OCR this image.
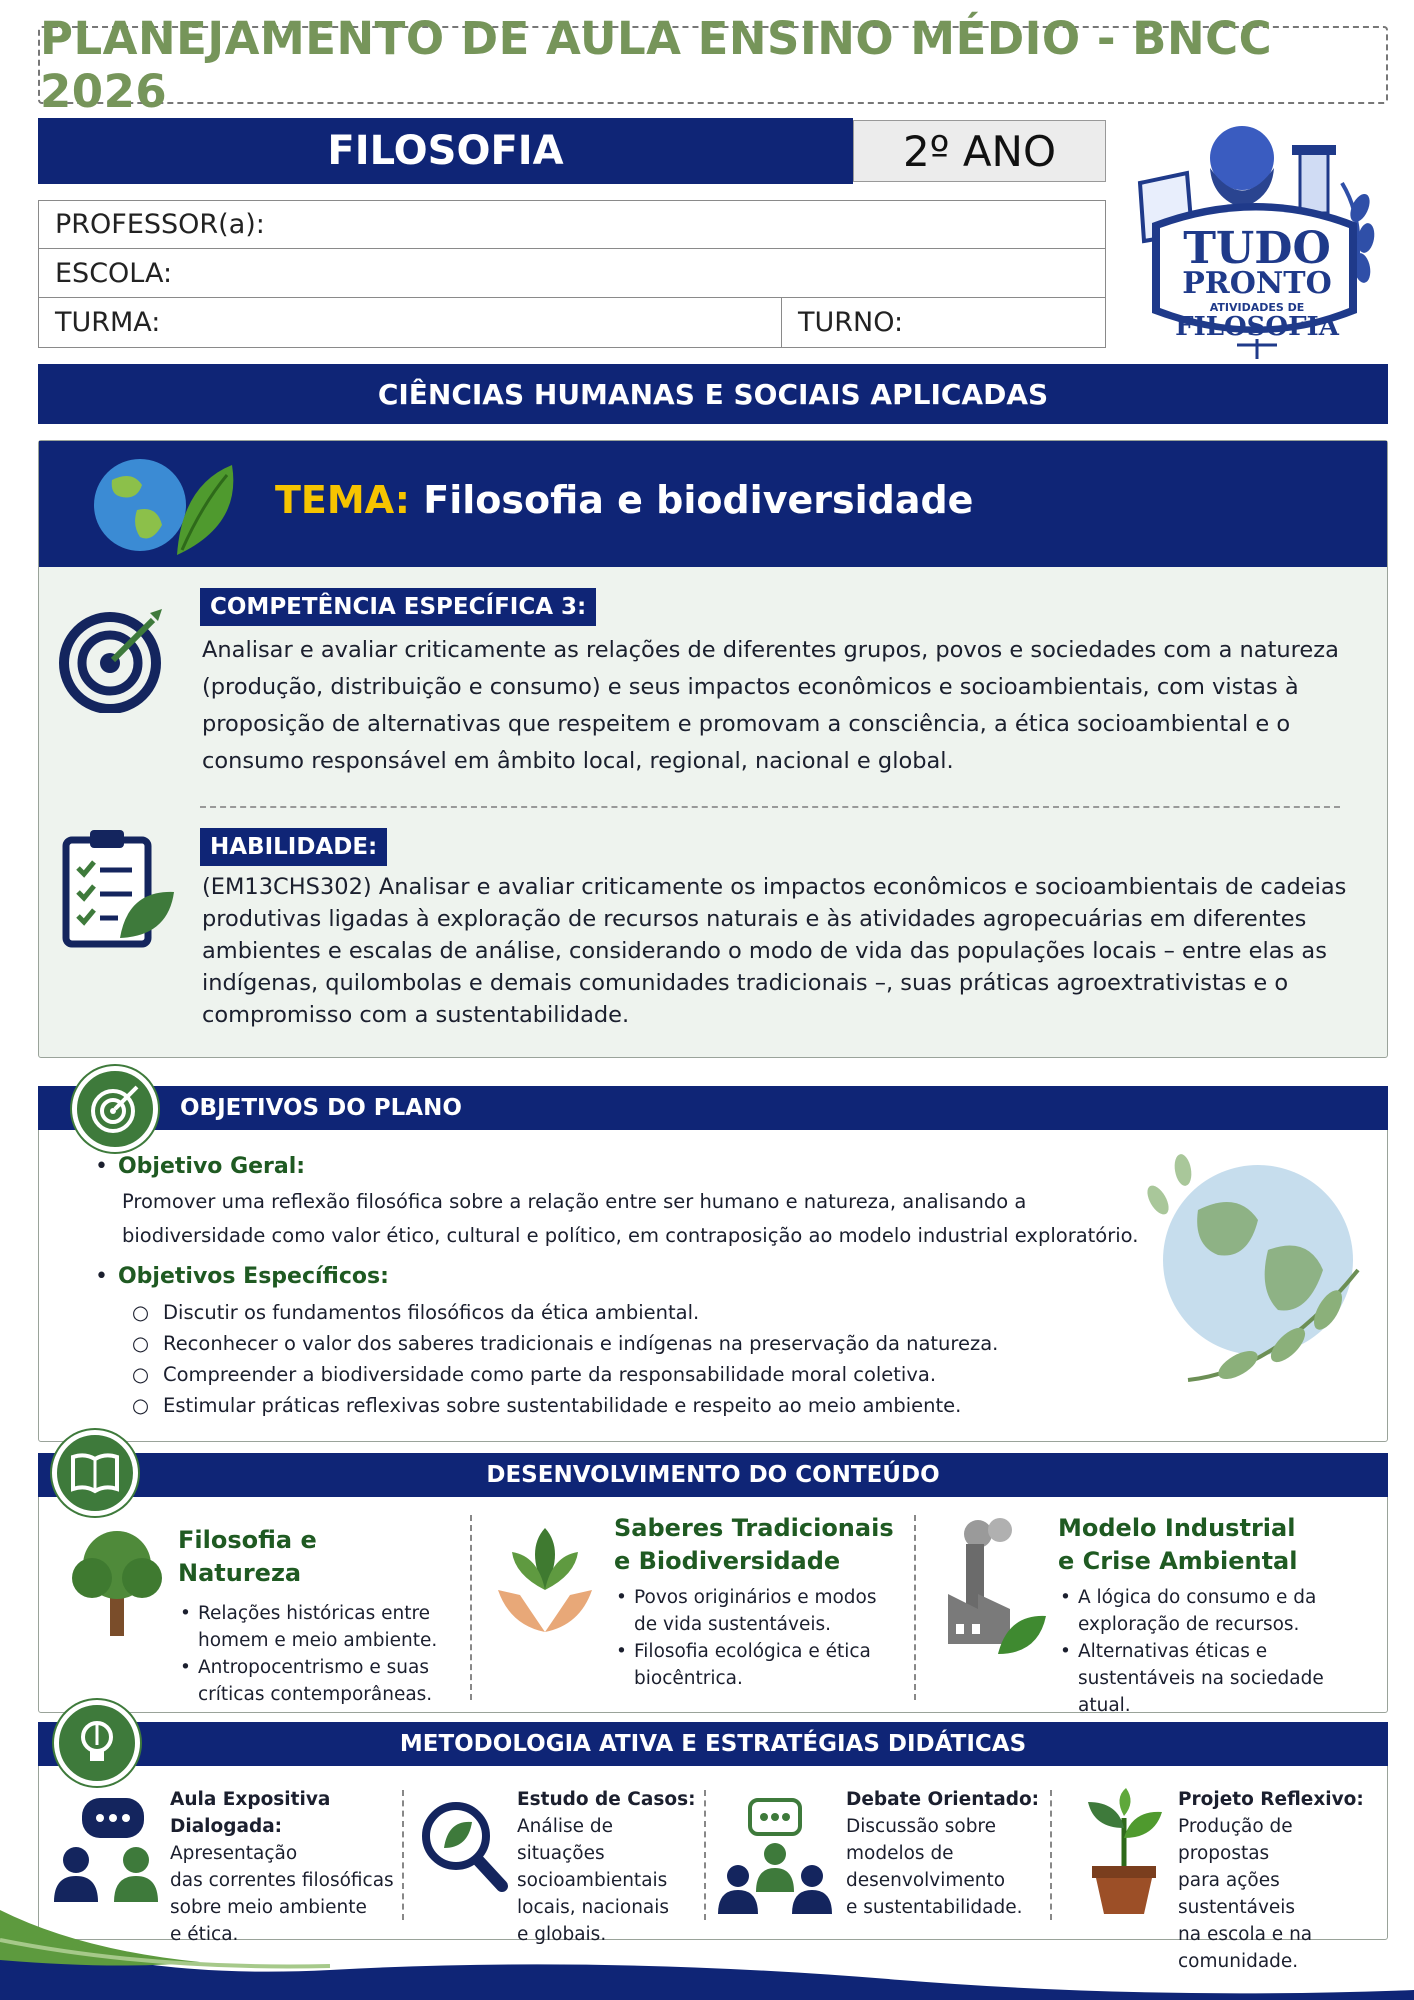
PLANEJAMENTO DE AULA ENSINO MÉDIO - BNCC 2026
FILOSOFIA	2º ANO
PROFESSOR(a):
ESCOLA:
TURMA:	TURNO:
TUDO
PRONTO
ATIVIDADES DE
FILOSOFIA
CIÊNCIAS HUMANAS E SOCIAIS APLICADAS
TEMA: Filosofia e biodiversidade
COMPETÊNCIA ESPECÍFICA 3:
Analisar e avaliar criticamente as relações de diferentes grupos, povos e sociedades com a natureza
(produção, distribuição e consumo) e seus impactos econômicos e socioambientais, com vistas à
proposição de alternativas que respeitem e promovam a consciência, a ética socioambiental e o
consumo responsável em âmbito local, regional, nacional e global.
HABILIDADE:
(EM13CHS302) Analisar e avaliar criticamente os impactos econômicos e socioambientais de cadeias
produtivas ligadas à exploração de recursos naturais e às atividades agropecuárias em diferentes
ambientes e escalas de análise, considerando o modo de vida das populações locais – entre elas as
indígenas, quilombolas e demais comunidades tradicionais –, suas práticas agroextrativistas e o
compromisso com a sustentabilidade.
OBJETIVOS DO PLANO
• Objetivo Geral:
Promover uma reflexão filosófica sobre a relação entre ser humano e natureza, analisando a
biodiversidade como valor ético, cultural e político, em contraposição ao modelo industrial exploratório.
• Objetivos Específicos:
○ Discutir os fundamentos filosóficos da ética ambiental.
○ Reconhecer o valor dos saberes tradicionais e indígenas na preservação da natureza.
○ Compreender a biodiversidade como parte da responsabilidade moral coletiva.
○ Estimular práticas reflexivas sobre sustentabilidade e respeito ao meio ambiente.
DESENVOLVIMENTO DO CONTEÚDO
Filosofia e Natureza
• Relações históricas entre
homem e meio ambiente.
• Antropocentrismo e suas
críticas contemporâneas.
Saberes Tradicionais
e Biodiversidade
• Povos originários e modos
de vida sustentáveis.
• Filosofia ecológica e ética
biocêntrica.
Modelo Industrial
e Crise Ambiental
• A lógica do consumo e da
exploração de recursos.
• Alternativas éticas e
sustentáveis na sociedade atual.
METODOLOGIA ATIVA E ESTRATÉGIAS DIDÁTICAS
Aula Expositiva
Dialogada: Apresentação
das correntes filosóficas
sobre meio ambiente
e ética.
Estudo de Casos:
Análise de situações
socioambientais
locais, nacionais
e globais.
Debate Orientado:
Discussão sobre
modelos de
desenvolvimento
e sustentabilidade.
Projeto Reflexivo:
Produção de propostas
para ações sustentáveis
na escola e na
comunidade.
